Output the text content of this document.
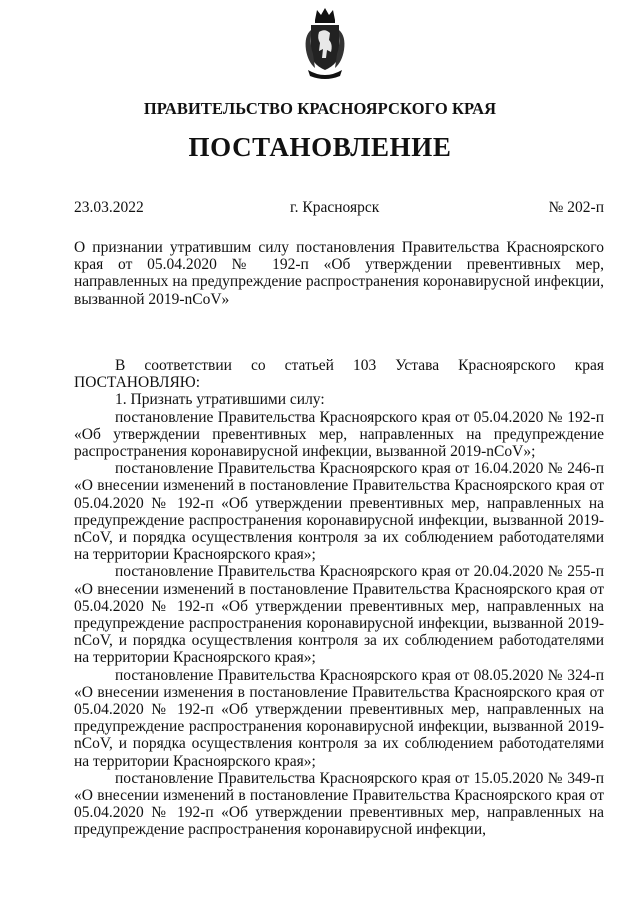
ПРАВИТЕЛЬСТВО КРАСНОЯРСКОГО КРАЯ
ПОСТАНОВЛЕНИЕ
23.03.2022	г. Красноярск	№ 202-п

О признании утратившим силу постановления Правительства Красноярского края от 05.04.2020 № 192-п «Об утверждении превентивных мер, направленных на предупреждение распространения коронавирусной инфекции, вызванной 2019-nCoV»

В соответствии со статьей 103 Устава Красноярского края ПОСТАНОВЛЯЮ:

1. Признать утратившими силу:

постановление Правительства Красноярского края от 05.04.2020 № 192-п «Об утверждении превентивных мер, направленных на предупреждение распространения коронавирусной инфекции, вызванной 2019-nCoV»;

постановление Правительства Красноярского края от 16.04.2020 № 246-п «О внесении изменений в постановление Правительства Красноярского края от 05.04.2020 № 192-п «Об утверждении превентивных мер, направленных на предупреждение распространения коронавирусной инфекции, вызванной 2019-nCoV, и порядка осуществления контроля за их соблюдением работодателями на территории Красноярского края»;

постановление Правительства Красноярского края от 20.04.2020 № 255-п «О внесении изменений в постановление Правительства Красноярского края от 05.04.2020 № 192-п «Об утверждении превентивных мер, направленных на предупреждение распространения коронавирусной инфекции, вызванной 2019-nCoV, и порядка осуществления контроля за их соблюдением работодателями на территории Красноярского края»;

постановление Правительства Красноярского края от 08.05.2020 № 324-п «О внесении изменения в постановление Правительства Красноярского края от 05.04.2020 № 192-п «Об утверждении превентивных мер, направленных на предупреждение распространения коронавирусной инфекции, вызванной 2019-nCoV, и порядка осуществления контроля за их соблюдением работодателями на территории Красноярского края»;

постановление Правительства Красноярского края от 15.05.2020 № 349-п «О внесении изменений в постановление Правительства Красноярского края от 05.04.2020 № 192-п «Об утверждении превентивных мер, направленных на предупреждение распространения коронавирусной инфекции,
